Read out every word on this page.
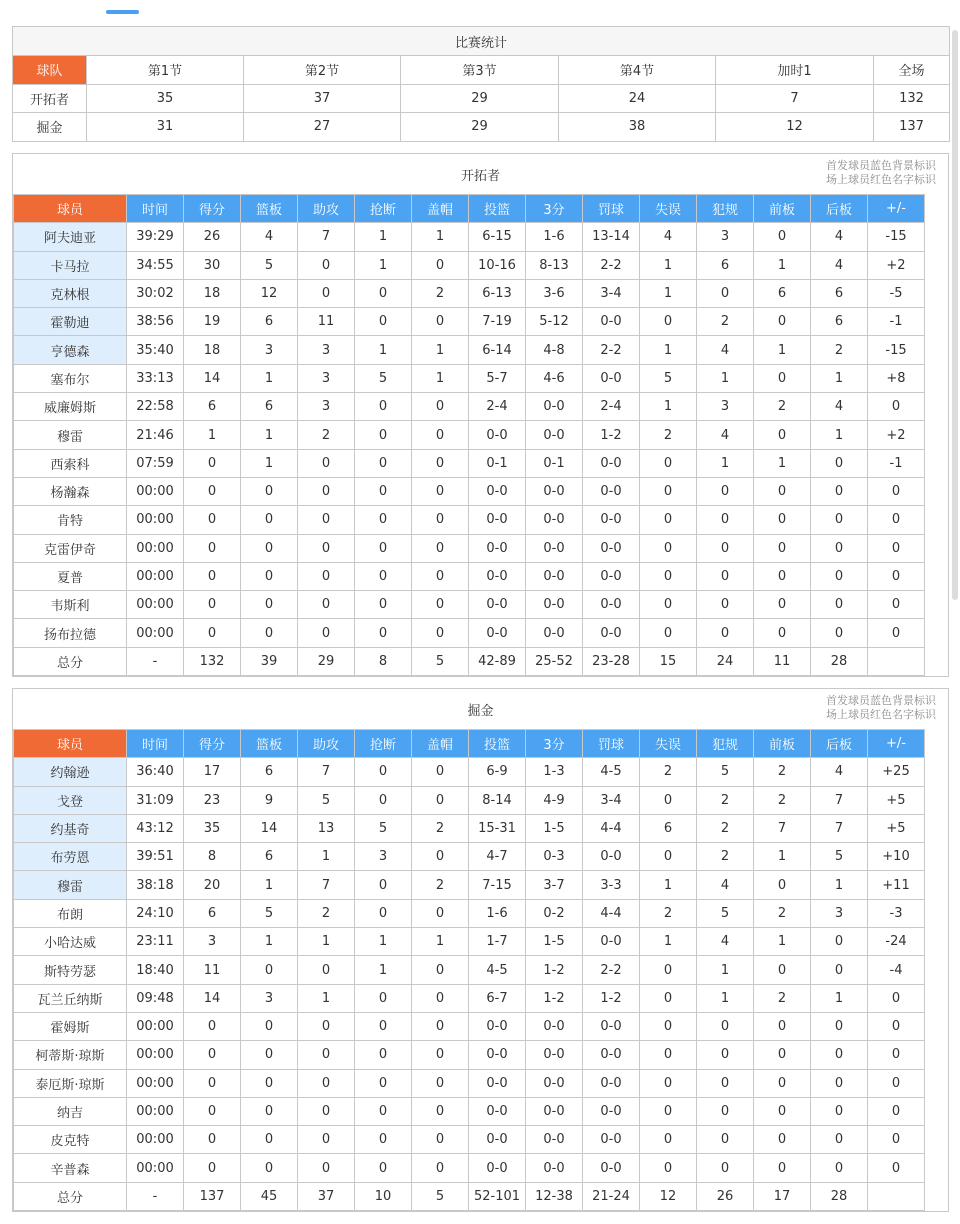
比赛统计						
球队	第1节	第2节	第3节	第4节	加时1	全场
开拓者	35	37	29	24	7	132
掘金	31	27	29	38	12	137
开拓者
首发球员蓝色背景标识
场上球员红色名字标识
球员	时间	得分	篮板	助攻	抢断	盖帽	投篮	3分	罚球	失误	犯规	前板	后板	+/-
阿夫迪亚	39:29	26	4	7	1	1	6-15	1-6	13-14	4	3	0	4	-15
卡马拉	34:55	30	5	0	1	0	10-16	8-13	2-2	1	6	1	4	+2
克林根	30:02	18	12	0	0	2	6-13	3-6	3-4	1	0	6	6	-5
霍勒迪	38:56	19	6	11	0	0	7-19	5-12	0-0	0	2	0	6	-1
亨德森	35:40	18	3	3	1	1	6-14	4-8	2-2	1	4	1	2	-15
塞布尔	33:13	14	1	3	5	1	5-7	4-6	0-0	5	1	0	1	+8
威廉姆斯	22:58	6	6	3	0	0	2-4	0-0	2-4	1	3	2	4	0
穆雷	21:46	1	1	2	0	0	0-0	0-0	1-2	2	4	0	1	+2
西索科	07:59	0	1	0	0	0	0-1	0-1	0-0	0	1	1	0	-1
杨瀚森	00:00	0	0	0	0	0	0-0	0-0	0-0	0	0	0	0	0
肯特	00:00	0	0	0	0	0	0-0	0-0	0-0	0	0	0	0	0
克雷伊奇	00:00	0	0	0	0	0	0-0	0-0	0-0	0	0	0	0	0
夏普	00:00	0	0	0	0	0	0-0	0-0	0-0	0	0	0	0	0
韦斯利	00:00	0	0	0	0	0	0-0	0-0	0-0	0	0	0	0	0
扬布拉德	00:00	0	0	0	0	0	0-0	0-0	0-0	0	0	0	0	0
总分	-	132	39	29	8	5	42-89	25-52	23-28	15	24	11	28	
掘金
首发球员蓝色背景标识
场上球员红色名字标识
球员	时间	得分	篮板	助攻	抢断	盖帽	投篮	3分	罚球	失误	犯规	前板	后板	+/-
约翰逊	36:40	17	6	7	0	0	6-9	1-3	4-5	2	5	2	4	+25
戈登	31:09	23	9	5	0	0	8-14	4-9	3-4	0	2	2	7	+5
约基奇	43:12	35	14	13	5	2	15-31	1-5	4-4	6	2	7	7	+5
布劳恩	39:51	8	6	1	3	0	4-7	0-3	0-0	0	2	1	5	+10
穆雷	38:18	20	1	7	0	2	7-15	3-7	3-3	1	4	0	1	+11
布朗	24:10	6	5	2	0	0	1-6	0-2	4-4	2	5	2	3	-3
小哈达威	23:11	3	1	1	1	1	1-7	1-5	0-0	1	4	1	0	-24
斯特劳瑟	18:40	11	0	0	1	0	4-5	1-2	2-2	0	1	0	0	-4
瓦兰丘纳斯	09:48	14	3	1	0	0	6-7	1-2	1-2	0	1	2	1	0
霍姆斯	00:00	0	0	0	0	0	0-0	0-0	0-0	0	0	0	0	0
柯蒂斯·琼斯	00:00	0	0	0	0	0	0-0	0-0	0-0	0	0	0	0	0
泰厄斯·琼斯	00:00	0	0	0	0	0	0-0	0-0	0-0	0	0	0	0	0
纳吉	00:00	0	0	0	0	0	0-0	0-0	0-0	0	0	0	0	0
皮克特	00:00	0	0	0	0	0	0-0	0-0	0-0	0	0	0	0	0
辛普森	00:00	0	0	0	0	0	0-0	0-0	0-0	0	0	0	0	0
总分	-	137	45	37	10	5	52-101	12-38	21-24	12	26	17	28	
